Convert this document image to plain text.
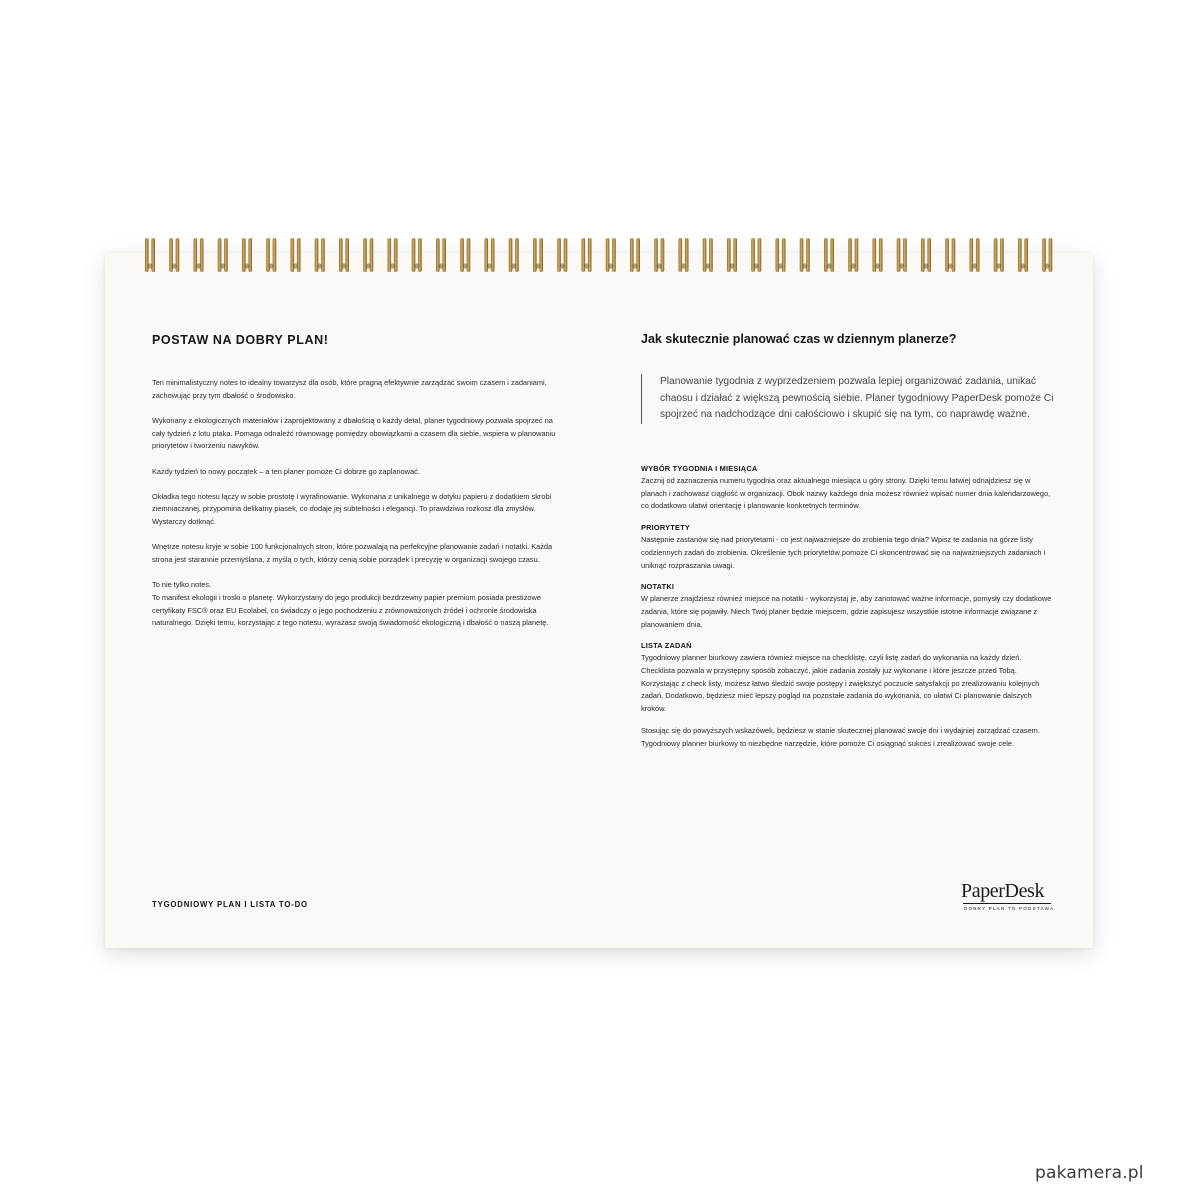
POSTAW NA DOBRY PLAN!

Ten minimalistyczny notes to idealny towarzysz dla osób, które pragną efektywnie zarządzać swoim czasem i zadaniami, zachowując przy tym dbałość o środowisko.

Wykonany z ekologicznych materiałów i zaprojektowany z dbałością o każdy detal, planer tygodniowy pozwala spojrzeć na cały tydzień z lotu ptaka. Pomaga odnaleźć równowagę pomiędzy obowiązkami a czasem dla siebie, wspiera w planowaniu priorytetów i tworzeniu nawyków.

Każdy tydzień to nowy początek – a ten planer pomoże Ci dobrze go zaplanować.

Okładka tego notesu łączy w sobie prostotę i wyrafinowanie. Wykonana z unikalnego w dotyku papieru z dodatkiem skrobi ziemniaczanej, przypomina delikatny piasek, co dodaje jej subtelności i elegancji. To prawdziwa rozkosz dla zmysłów. Wystarczy dotknąć.

Wnętrze notesu kryje w sobie 100 funkcjonalnych stron, które pozwalają na perfekcyjne planowanie zadań i notatki. Każda strona jest starannie przemyślana, z myślą o tych, którzy cenią sobie porządek i precyzję w organizacji swojego czasu.

To nie tylko notes.
To manifest ekologii i troski o planetę. Wykorzystany do jego produkcji bezdrzewny papier premium posiada prestiżowe certyfikaty FSC® oraz EU Ecolabel, co świadczy o jego pochodzeniu z zrównoważonych źródeł i ochronie środowiska naturalnego. Dzięki temu, korzystając z tego notesu, wyrażasz swoją świadomość ekologiczną i dbałość o naszą planetę.

Jak skutecznie planować czas w dziennym planerze?

Planowanie tygodnia z wyprzedzeniem pozwala lepiej organizować zadania, unikać chaosu i działać z większą pewnością siebie. Planer tygodniowy PaperDesk pomoże Ci spojrzeć na nadchodzące dni całościowo i skupić się na tym, co naprawdę ważne.

WYBÓR TYGODNIA I MIESIĄCA

Zacznij od zaznaczenia numeru tygodnia oraz aktualnego miesiąca u góry strony. Dzięki temu łatwiej odnajdziesz się w planach i zachowasz ciągłość w organizacji. Obok nazwy każdego dnia możesz również wpisać numer dnia kalendarzowego, co dodatkowo ułatwi orientację i planowanie konkretnych terminów.

PRIORYTETY

Następnie zastanów się nad priorytetami - co jest najważniejsze do zrobienia tego dnia? Wpisz te zadania na górze listy codziennych zadań do zrobienia. Określenie tych priorytetów pomoże Ci skoncentrować się na najważniejszych zadaniach i uniknąć rozpraszania uwagi.

NOTATKI

W planerze znajdziesz również miejsce na notatki - wykorzystaj je, aby zanotować ważne informacje, pomysły czy dodatkowe zadania, które się pojawiły. Niech Twój planer będzie miejscem, gdzie zapisujesz wszystkie istotne informacje związane z planowaniem dnia.

LISTA ZADAŃ

Tygodniowy planner biurkowy zawiera również miejsce na checklistę, czyli listę zadań do wykonania na każdy dzień. Checklista pozwala w przystępny sposób zobaczyć, jakie zadania zostały już wykonane i które jeszcze przed Tobą. Korzystając z check listy, możesz łatwo śledzić swoje postępy i zwiększyć poczucie satysfakcji po zrealizowaniu kolejnych zadań. Dodatkowo, będziesz mieć lepszy pogląd na pozostałe zadania do wykonania, co ułatwi Ci planowanie dalszych kroków.

Stosując się do powyższych wskazówek, będziesz w stanie skutecznej planować swoje dni i wydajniej zarządzać czasem. Tygodniowy planner biurkowy to niezbędne narzędzie, które pomoże Ci osiągnąć sukces i zrealizować swoje cele.

TYGODNIOWY PLAN I LISTA TO-DO

PaperDesk
DOBRY PLAN TO PODSTAWA

pakamera.pl
